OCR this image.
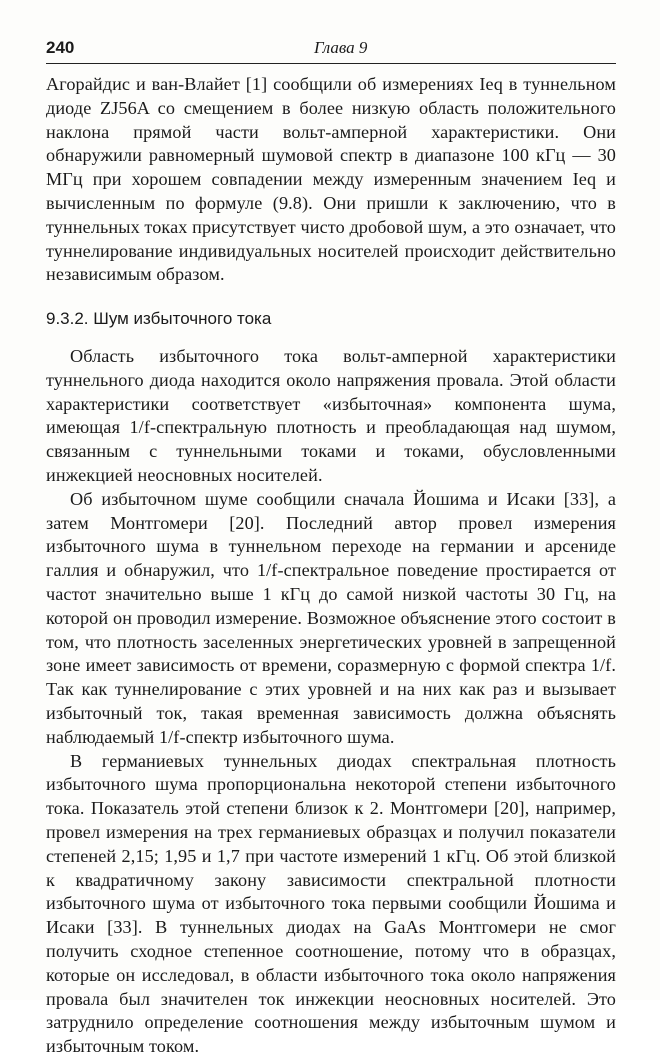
240	Глава 9

Агорайдис и ван-Влайет [1] сообщили об измерениях Ieq в туннельном диоде ZJ56A со смещением в более низкую область положительного наклона прямой части вольт-амперной характеристики. Они обнаружили равномерный шумовой спектр в диапазоне 100 кГц — 30 МГц при хорошем совпадении между измеренным значением Ieq и вычисленным по формуле (9.8). Они пришли к заключению, что в туннельных токах присутствует чисто дробовой шум, а это означает, что туннелирование индивидуальных носителей происходит действительно независимым образом.

9.3.2. Шум избыточного тока

Область избыточного тока вольт-амперной характеристики туннельного диода находится около напряжения провала. Этой области характеристики соответствует «избыточная» компонента шума, имеющая 1/f-спектральную плотность и преобладающая над шумом, связанным с туннельными токами и токами, обусловленными инжекцией неосновных носителей.

Об избыточном шуме сообщили сначала Йошима и Исаки [33], а затем Монтгомери [20]. Последний автор провел измерения избыточного шума в туннельном переходе на германии и арсениде галлия и обнаружил, что 1/f-спектральное поведение простирается от частот значительно выше 1 кГц до самой низкой частоты 30 Гц, на которой он проводил измерение. Возможное объяснение этого состоит в том, что плотность заселенных энергетических уровней в запрещенной зоне имеет зависимость от времени, соразмерную с формой спектра 1/f. Так как туннелирование с этих уровней и на них как раз и вызывает избыточный ток, такая временная зависимость должна объяснять наблюдаемый 1/f-спектр избыточного шума.

В германиевых туннельных диодах спектральная плотность избыточного шума пропорциональна некоторой степени избыточного тока. Показатель этой степени близок к 2. Монтгомери [20], например, провел измерения на трех германиевых образцах и получил показатели степеней 2,15; 1,95 и 1,7 при частоте измерений 1 кГц. Об этой близкой к квадратичному закону зависимости спектральной плотности избыточного шума от избыточного тока первыми сообщили Йошима и Исаки [33]. В туннельных диодах на GaAs Монтгомери не смог получить сходное степенное соотношение, потому что в образцах, которые он исследовал, в области избыточного тока около напряжения провала был значителен ток инжекции неосновных носителей. Это затруднило определение соотношения между избыточным шумом и избыточным током.
